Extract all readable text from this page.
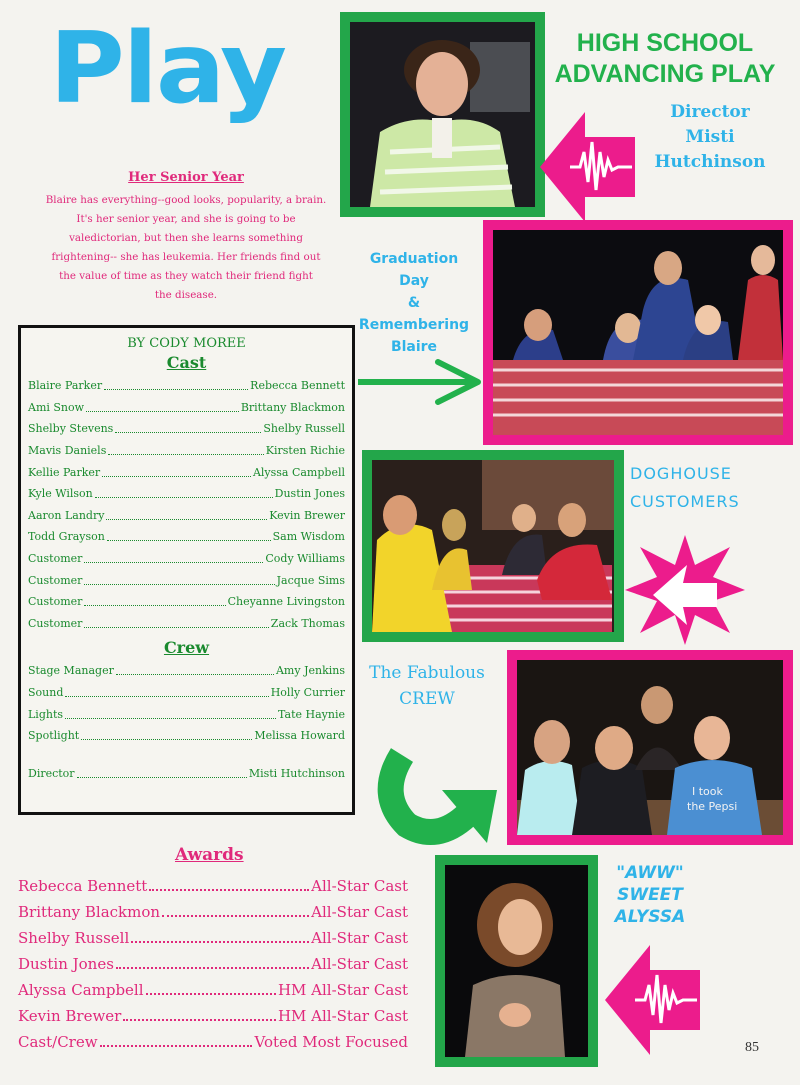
Play
Her Senior Year
Blaire has everything--good looks, popularity, a brain.
It's her senior year, and she is going to be
valedictorian, but then she learns something
frightening-- she has leukemia. Her friends find out
the value of time as they watch their friend fight
the disease.
BY CODY MOREE
Cast
Blaire Parker	Rebecca Bennett
Ami Snow	Brittany Blackmon
Shelby Stevens	Shelby Russell
Mavis Daniels	Kirsten Richie
Kellie Parker	Alyssa Campbell
Kyle Wilson	Dustin Jones
Aaron Landry	Kevin Brewer
Todd Grayson	Sam Wisdom
Customer	Cody Williams
Customer	Jacque Sims
Customer	Cheyanne Livingston
Customer	Zack Thomas
Crew
Stage Manager	Amy Jenkins
Sound	Holly Currier
Lights	Tate Haynie
Spotlight	Melissa Howard
Director	Misti Hutchinson
Awards
Rebecca Bennett	All-Star Cast
Brittany Blackmon	All-Star Cast
Shelby Russell	All-Star Cast
Dustin Jones	All-Star Cast
Alyssa Campbell	HM All-Star Cast
Kevin Brewer	HM All-Star Cast
Cast/Crew	Voted Most Focused
HIGH SCHOOL
ADVANCING PLAY
Director
Misti
Hutchinson
Graduation Day
&
Remembering
Blaire
DOGHOUSE
CUSTOMERS
The Fabulous
CREW
I took
the Pepsi
"AWW"
SWEET
ALYSSA
85
